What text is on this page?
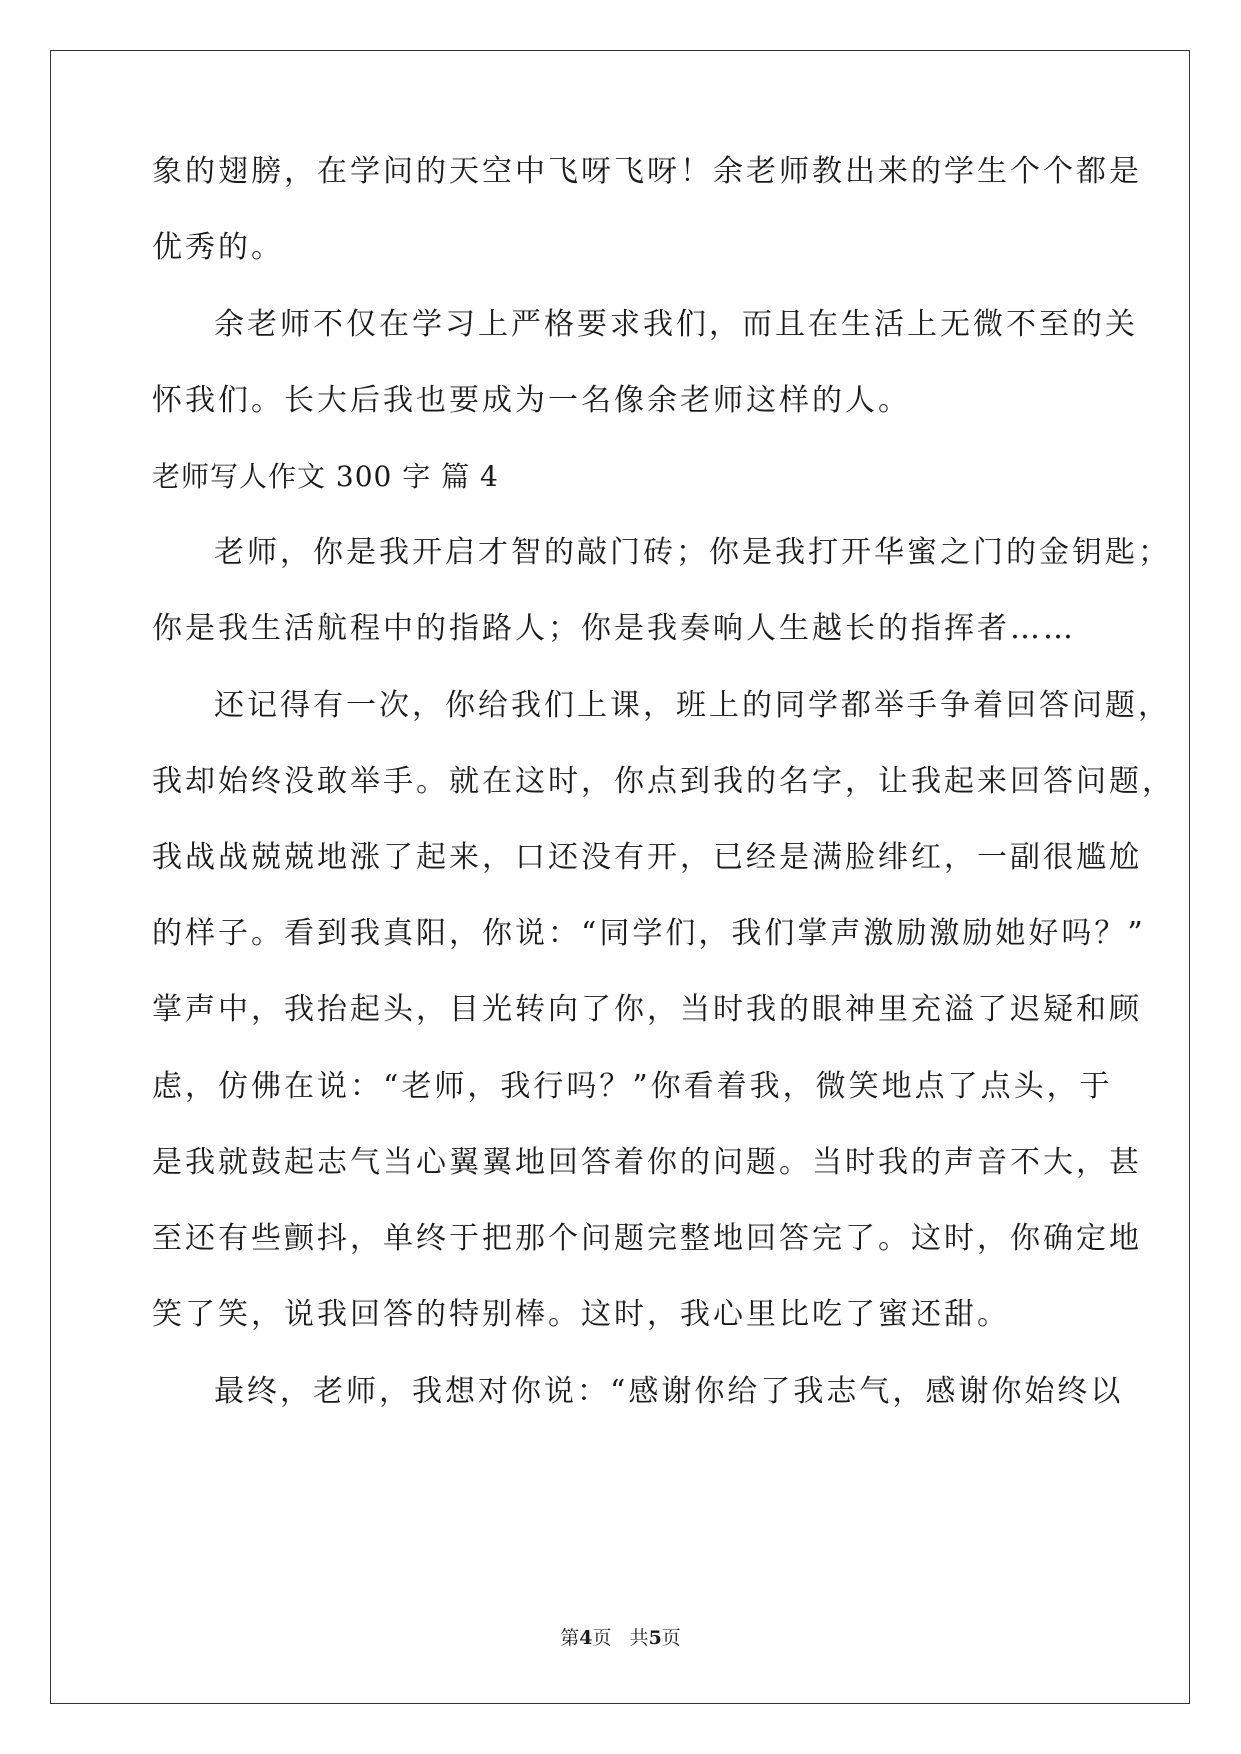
象的翅膀，在学问的天空中飞呀飞呀！余老师教出来的学生个个都是
优秀的。
余老师不仅在学习上严格要求我们，而且在生活上无微不至的关
怀我们。长大后我也要成为一名像余老师这样的人。
老师写人作文 300 字 篇 4
老师，你是我开启才智的敲门砖；你是我打开华蜜之门的金钥匙；
你是我生活航程中的指路人；你是我奏响人生越长的指挥者……
还记得有一次，你给我们上课，班上的同学都举手争着回答问题，
我却始终没敢举手。就在这时，你点到我的名字，让我起来回答问题，
我战战兢兢地涨了起来，口还没有开，已经是满脸绯红，一副很尴尬
的样子。看到我真阳，你说：“同学们，我们掌声激励激励她好吗？”
掌声中，我抬起头，目光转向了你，当时我的眼神里充溢了迟疑和顾
虑，仿佛在说：“老师，我行吗？”你看着我，微笑地点了点头，于
是我就鼓起志气当心翼翼地回答着你的问题。当时我的声音不大，甚
至还有些颤抖，单终于把那个问题完整地回答完了。这时，你确定地
笑了笑，说我回答的特别棒。这时，我心里比吃了蜜还甜。
最终，老师，我想对你说：“感谢你给了我志气，感谢你始终以
第4页   共5页
